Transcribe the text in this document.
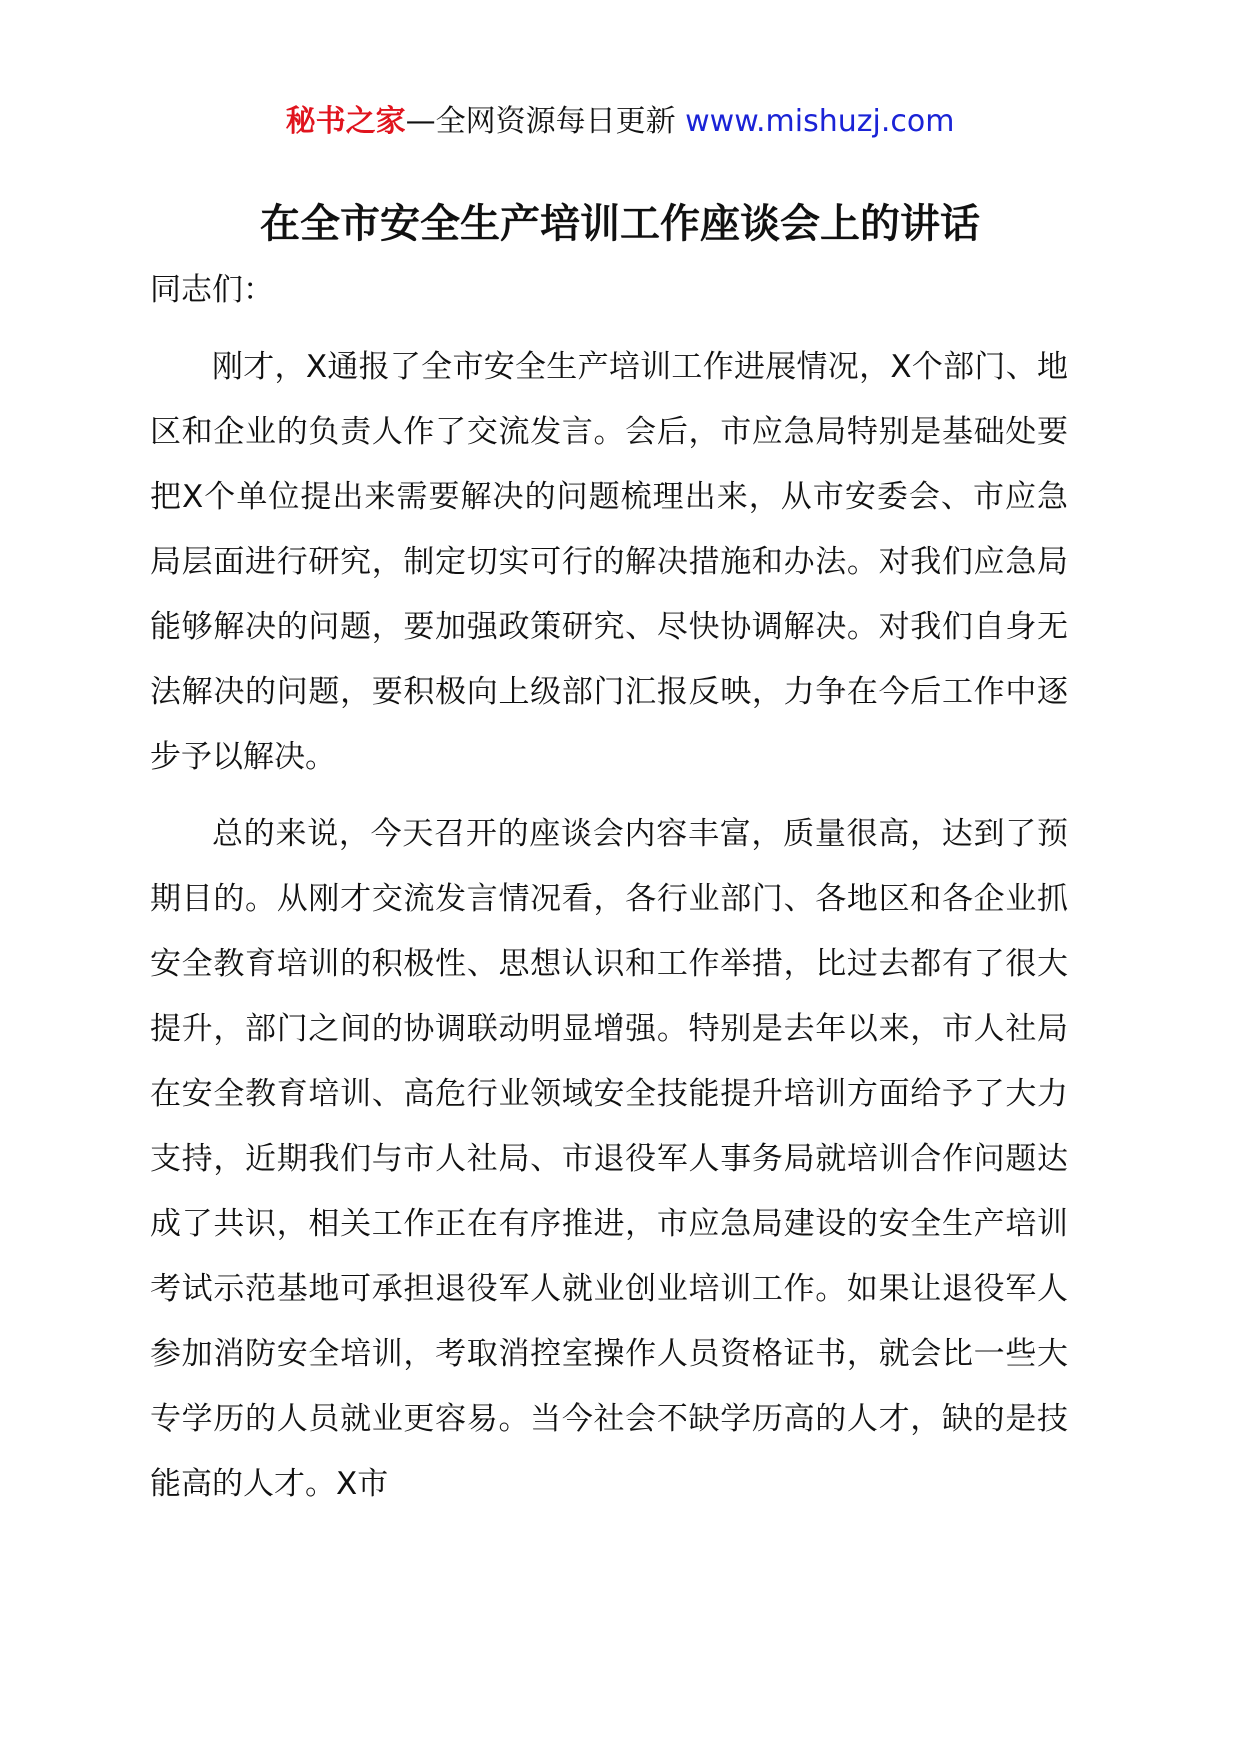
秘书之家—全网资源每日更新 www.mishuzj.com
在全市安全生产培训工作座谈会上的讲话

同志们：

刚才，X通报了全市安全生产培训工作进展情况，X个部门、地区和企业的负责人作了交流发言。会后，市应急局特别是基础处要把X个单位提出来需要解决的问题梳理出来，从市安委会、市应急局层面进行研究，制定切实可行的解决措施和办法。对我们应急局能够解决的问题，要加强政策研究、尽快协调解决。对我们自身无法解决的问题，要积极向上级部门汇报反映，力争在今后工作中逐步予以解决。

总的来说，今天召开的座谈会内容丰富，质量很高，达到了预期目的。从刚才交流发言情况看，各行业部门、各地区和各企业抓安全教育培训的积极性、思想认识和工作举措，比过去都有了很大提升，部门之间的协调联动明显增强。特别是去年以来，市人社局在安全教育培训、高危行业领域安全技能提升培训方面给予了大力支持，近期我们与市人社局、市退役军人事务局就培训合作问题达成了共识，相关工作正在有序推进，市应急局建设的安全生产培训考试示范基地可承担退役军人就业创业培训工作。如果让退役军人参加消防安全培训，考取消控室操作人员资格证书，就会比一些大专学历的人员就业更容易。当今社会不缺学历高的人才，缺的是技能高的人才。X市
